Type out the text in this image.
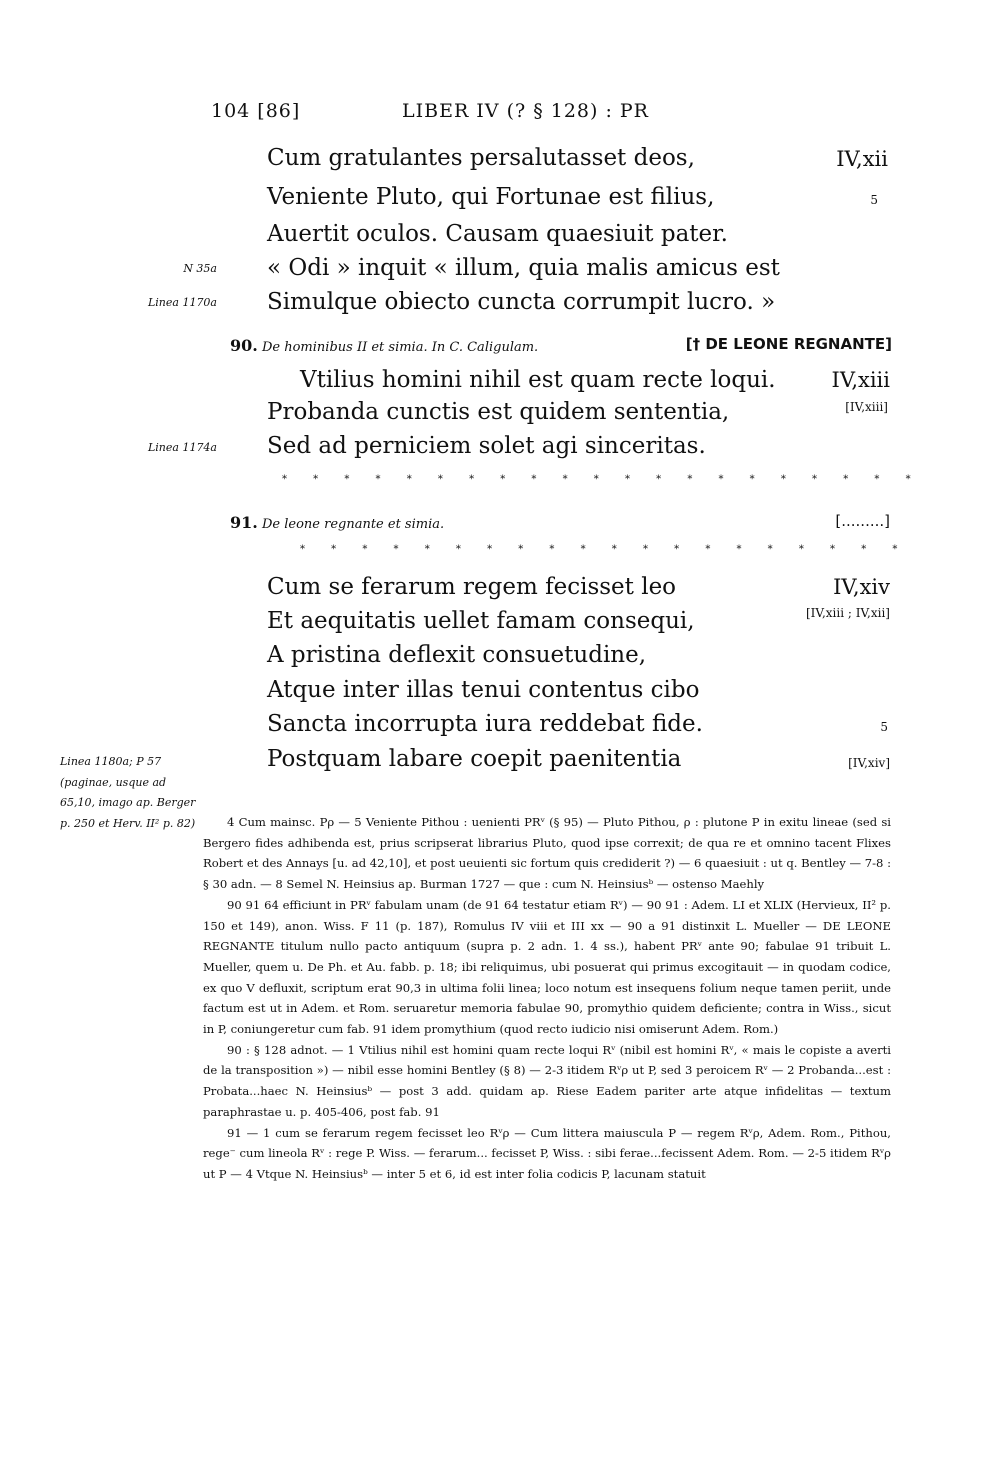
104 [86]	LIBER IV (? § 128) : PR
Cum gratulantes persalutasset deos,
Veniente Pluto, qui Fortunae est filius,
Auertit oculos. Causam quaesiuit pater.
« Odi » inquit « illum, quia malis amicus est
Simulque obiecto cuncta corrumpit lucro. »
IV,xii
5
N 35a
Linea 1170a
90. De hominibus II et simia. In C. Caligulam.	[† DE LEONE REGNANTE]
Vtilius homini nihil est quam recte loqui.
Probanda cunctis est quidem sententia,
Sed ad perniciem solet agi sinceritas.
IV,xiii
[IV,xiii]
Linea 1174a
* * * * * * * * * * * * * * * * * * * * *
91. De leone regnante et simia.	[.........]
* * * * * * * * * * * * * * * * * * * *
Cum se ferarum regem fecisset leo
Et aequitatis uellet famam consequi,
A pristina deflexit consuetudine,
Atque inter illas tenui contentus cibo
Sancta incorrupta iura reddebat fide.
Postquam labare coepit paenitentia
IV,xiv
[IV,xiii ; IV,xii]
5
[IV,xiv]
Linea 1180a; P 57 (paginae, usque ad 65,10, imago ap. Berger p. 250 et Herv. II² p. 82)	4 Cum mainsc. Pρ — 5 Veniente Pithou : uenienti PRᵛ (§ 95) — Pluto Pithou, ρ : plutone P in exitu lineae (sed si Bergero fides adhibenda est, prius scripserat librarius Pluto, quod ipse correxit; de qua re et omnino tacent Flixes Robert et des Annays [u. ad 42,10], et post ueuienti sic fortum quis crediderit ?) — 6 quaesiuit : ut q. Bentley — 7-8 : § 30 adn. — 8 Semel N. Heinsius ap. Burman 1727 — que : cum N. Heinsiusᵇ — ostenso Maehly

90 91 64 efficiunt in PRᵛ fabulam unam (de 91 64 testatur etiam Rᵛ) — 90 91 : Adem. LI et XLIX (Hervieux, II² p. 150 et 149), anon. Wiss. F 11 (p. 187), Romulus IV viii et III xx — 90 a 91 distinxit L. Mueller — DE LEONE REGNANTE titulum nullo pacto antiquum (supra p. 2 adn. 1. 4 ss.), habent PRᵛ ante 90; fabulae 91 tribuit L. Mueller, quem u. De Ph. et Au. fabb. p. 18; ibi reliquimus, ubi posuerat qui primus excogitauit — in quodam codice, ex quo V defluxit, scriptum erat 90,3 in ultima folii linea; loco notum est insequens folium neque tamen periit, unde factum est ut in Adem. et Rom. seruaretur memoria fabulae 90, promythio quidem deficiente; contra in Wiss., sicut in P, coniungeretur cum fab. 91 idem promythium (quod recto iudicio nisi omiserunt Adem. Rom.)

90 : § 128 adnot. — 1 Vtilius nihil est homini quam recte loqui Rᵛ (nibil est homini Rᵛ, « mais le copiste a averti de la transposition ») — nibil esse homini Bentley (§ 8) — 2-3 itidem Rᵛρ ut P, sed 3 peroicem Rᵛ — 2 Probanda...est : Probata...haec N. Heinsiusᵇ — post 3 add. quidam ap. Riese Eadem pariter arte atque infidelitas — textum paraphrastae u. p. 405-406, post fab. 91

91 — 1 cum se ferarum regem fecisset leo Rᵛρ — Cum littera maiuscula P — regem Rᵛρ, Adem. Rom., Pithou, rege⁻ cum lineola Rᵛ : rege P. Wiss. — ferarum... fecisset P, Wiss. : sibi ferae...fecissent Adem. Rom. — 2-5 itidem Rᵛρ ut P — 4 Vtque N. Heinsiusᵇ — inter 5 et 6, id est inter folia codicis P, lacunam statuit
